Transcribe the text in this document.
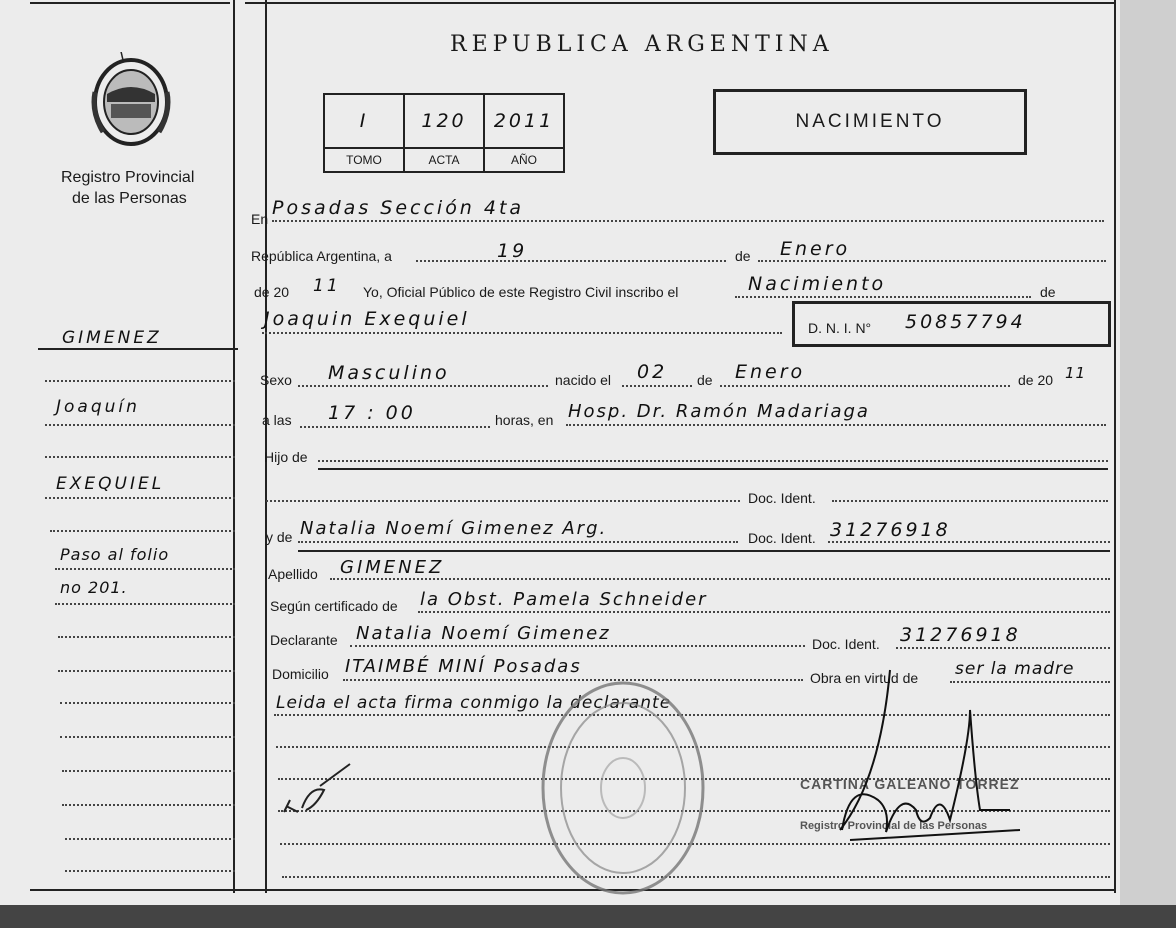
Registro Provincial
de las Personas
REPUBLICA ARGENTINA
I	120	2011
TOMO	ACTA	AÑO
NACIMIENTO
GIMENEZ
Joaquín
EXEQUIEL
Paso al folio
no 201.
En Posadas Sección 4ta
República Argentina, a	19	de Enero
de 20 11 Yo, Oficial Público de este Registro Civil inscribo el	Nacimiento	de
Joaquin Exequiel	D. N. I. N° 50857794
Sexo Masculino	nacido el 02 de Enero	de 20 11
a las 17 : 00	horas, en Hosp. Dr. Ramón Madariaga
Hijo de
Doc. Ident.
y de Natalia Noemí Gimenez Arg.	Doc. Ident. 31276918
Apellido GIMENEZ
Según certificado de la Obst. Pamela Schneider
Declarante Natalia Noemí Gimenez	Doc. Ident. 31276918
Domicilio ITAIMBÉ MINÍ Posadas
Obra en virtud de ser la madre
Leida el acta firma conmigo la declarante
CARTINA GALEANO TORREZ
Registro Provincial de las Personas
